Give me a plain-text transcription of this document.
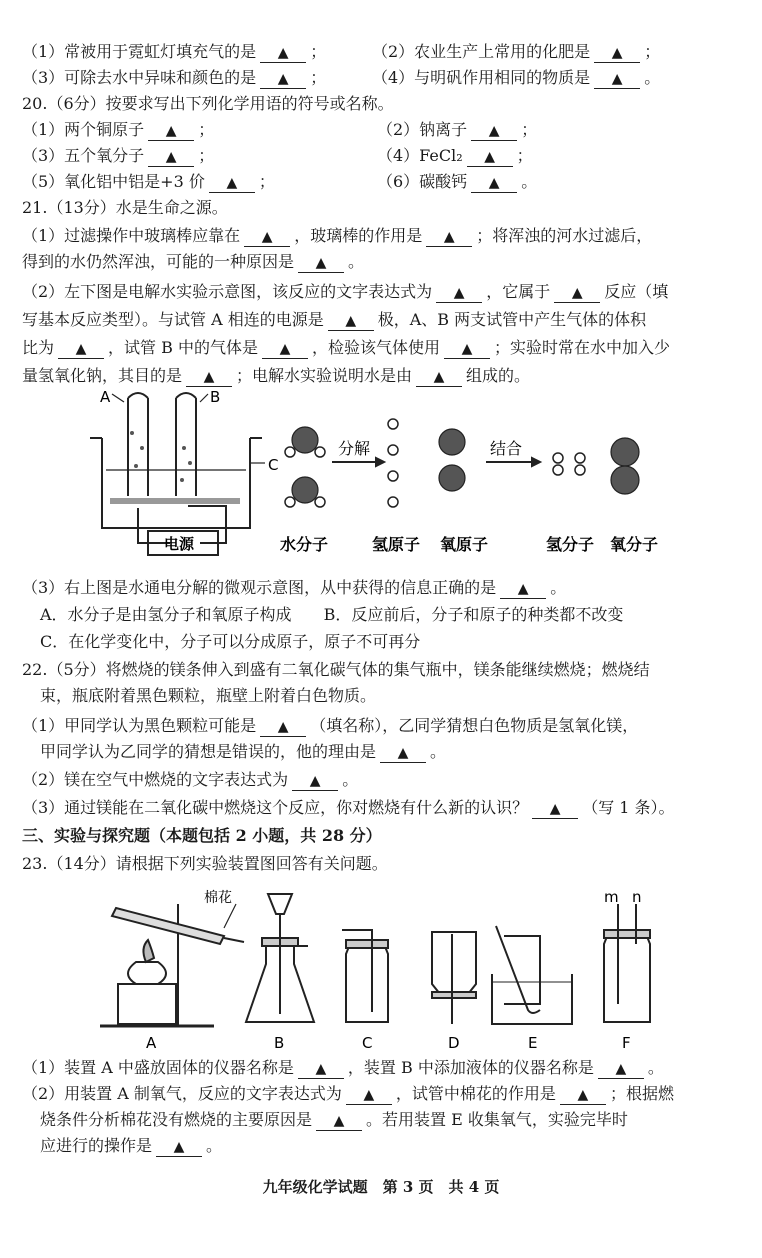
（1）常被用于霓虹灯填充气的是 ▲	；	（2）农业生产上常用的化肥是 ▲	；
（3）可除去水中异味和颜色的是 ▲	；	（4）与明矾作用相同的物质是 ▲	。
20.（6分）按要求写出下列化学用语的符号或名称。
（1）两个铜原子 ▲	；	（2）钠离子 ▲	；
（3）五个氧分子 ▲	；	（4）FeCl₂ ▲	；
（5）氧化铝中铝是+3 价 ▲	；	（6）碳酸钙 ▲	。
21.（13分）水是生命之源。
（1）过滤操作中玻璃棒应靠在 ▲	，玻璃棒的作用是 ▲	；将浑浊的河水过滤后，
得到的水仍然浑浊，可能的一种原因是 ▲	。
（2）左下图是电解水实验示意图，该反应的文字表达式为 ▲	，它属于 ▲	反应（填
写基本反应类型）。与试管 A 相连的电源是 ▲	极，A、B 两支试管中产生气体的体积
比为 ▲	，试管 B 中的气体是 ▲	，检验该气体使用 ▲	；实验时常在水中加入少
量氢氧化钠，其目的是 ▲	；电解水实验说明水是由 ▲	组成的。
A	B
C
电源
分解	结合
水分子	氢原子 氧原子	氢分子 氧分子
（3）右上图是水通电分解的微观示意图，从中获得的信息正确的是 ▲	。
A．水分子是由氢分子和氧原子构成　　 B．反应前后，分子和原子的种类都不改变
C．在化学变化中，分子可以分成原子，原子不可再分
22.（5分）将燃烧的镁条伸入到盛有二氧化碳气体的集气瓶中，镁条能继续燃烧；燃烧结
束，瓶底附着黑色颗粒，瓶壁上附着白色物质。
（1）甲同学认为黑色颗粒可能是 ▲	（填名称），乙同学猜想白色物质是氢氧化镁，
甲同学认为乙同学的猜想是错误的，他的理由是 ▲	。
（2）镁在空气中燃烧的文字表达式为 ▲	。
（3）通过镁能在二氧化碳中燃烧这个反应，你对燃烧有什么新的认识？ ▲	（写 1 条）。
三、实验与探究题（本题包括 2 小题，共 28 分）
23.（14分）请根据下列实验装置图回答有关问题。
棉花	m n
A	B	C	D	E	F
（1）装置 A 中盛放固体的仪器名称是 ▲	，装置 B 中添加液体的仪器名称是 ▲	。
（2）用装置 A 制氧气，反应的文字表达式为 ▲	，试管中棉花的作用是 ▲	；根据燃
烧条件分析棉花没有燃烧的主要原因是 ▲	。若用装置 E 收集氧气，实验完毕时
应进行的操作是 ▲	。
九年级化学试题　第 3 页　共 4 页
